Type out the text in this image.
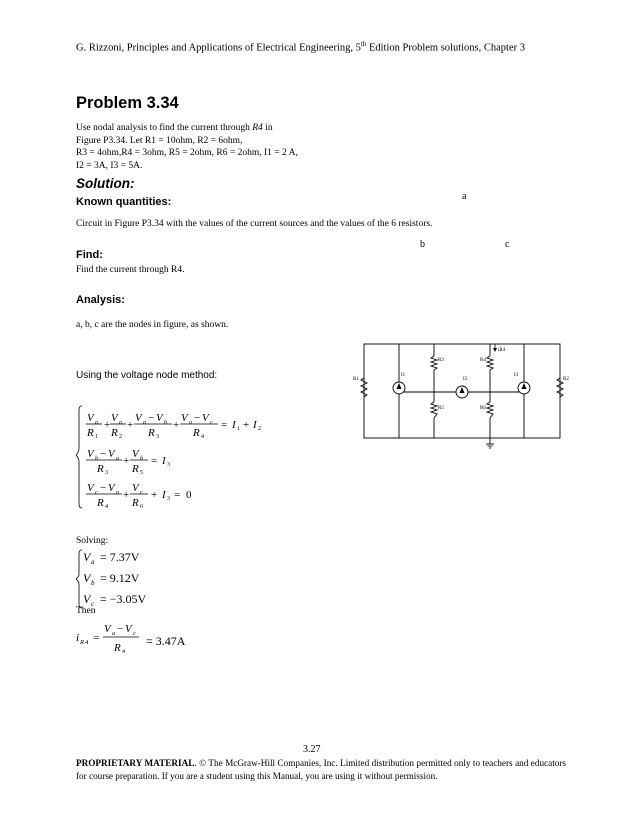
G. Rizzoni, Principles and Applications of Electrical Engineering, 5th Edition Problem solutions, Chapter 3
Problem 3.34
Use nodal analysis to find the current through R4 in
Figure P3.34. Let R1 = 10ohm, R2 = 6ohm,
R3 = 4ohm,R4 = 3ohm, R5 = 2ohm, R6 = 2ohm, I1 = 2 A,
I2 = 3A, I3 = 5A.
Solution:
Known quantities:	a
Circuit in Figure P3.34 with the values of the current sources and the values of the 6 resistors.
b	c
Find:
Find the current through R4.
Analysis:
a, b, c are the nodes in figure, as shown.
Using the voltage node method:	R1	R2
R3
R5
R4
R6
I1
I2
I3
iR4
V a
R 1
+
V a
R 2
+
V a − V b
R 3
+
V a − V c
R 4
= I 1 + I 2
V b − V a
R 3
+
V b
R 5
= I 3
V c − V a
R 4
+
V c
R 6
+ I 3 = 0
Solving:
V a
V b
V c
= 7.37V
= 9.12V
= −3.05V
Then
i R 4 =
V a − V c
R 4
= 3.47A
3.27
PROPRIETARY MATERIAL. © The McGraw-Hill Companies, Inc. Limited distribution permitted only to teachers and educators for course preparation. If you are a student using this Manual, you are using it without permission.
